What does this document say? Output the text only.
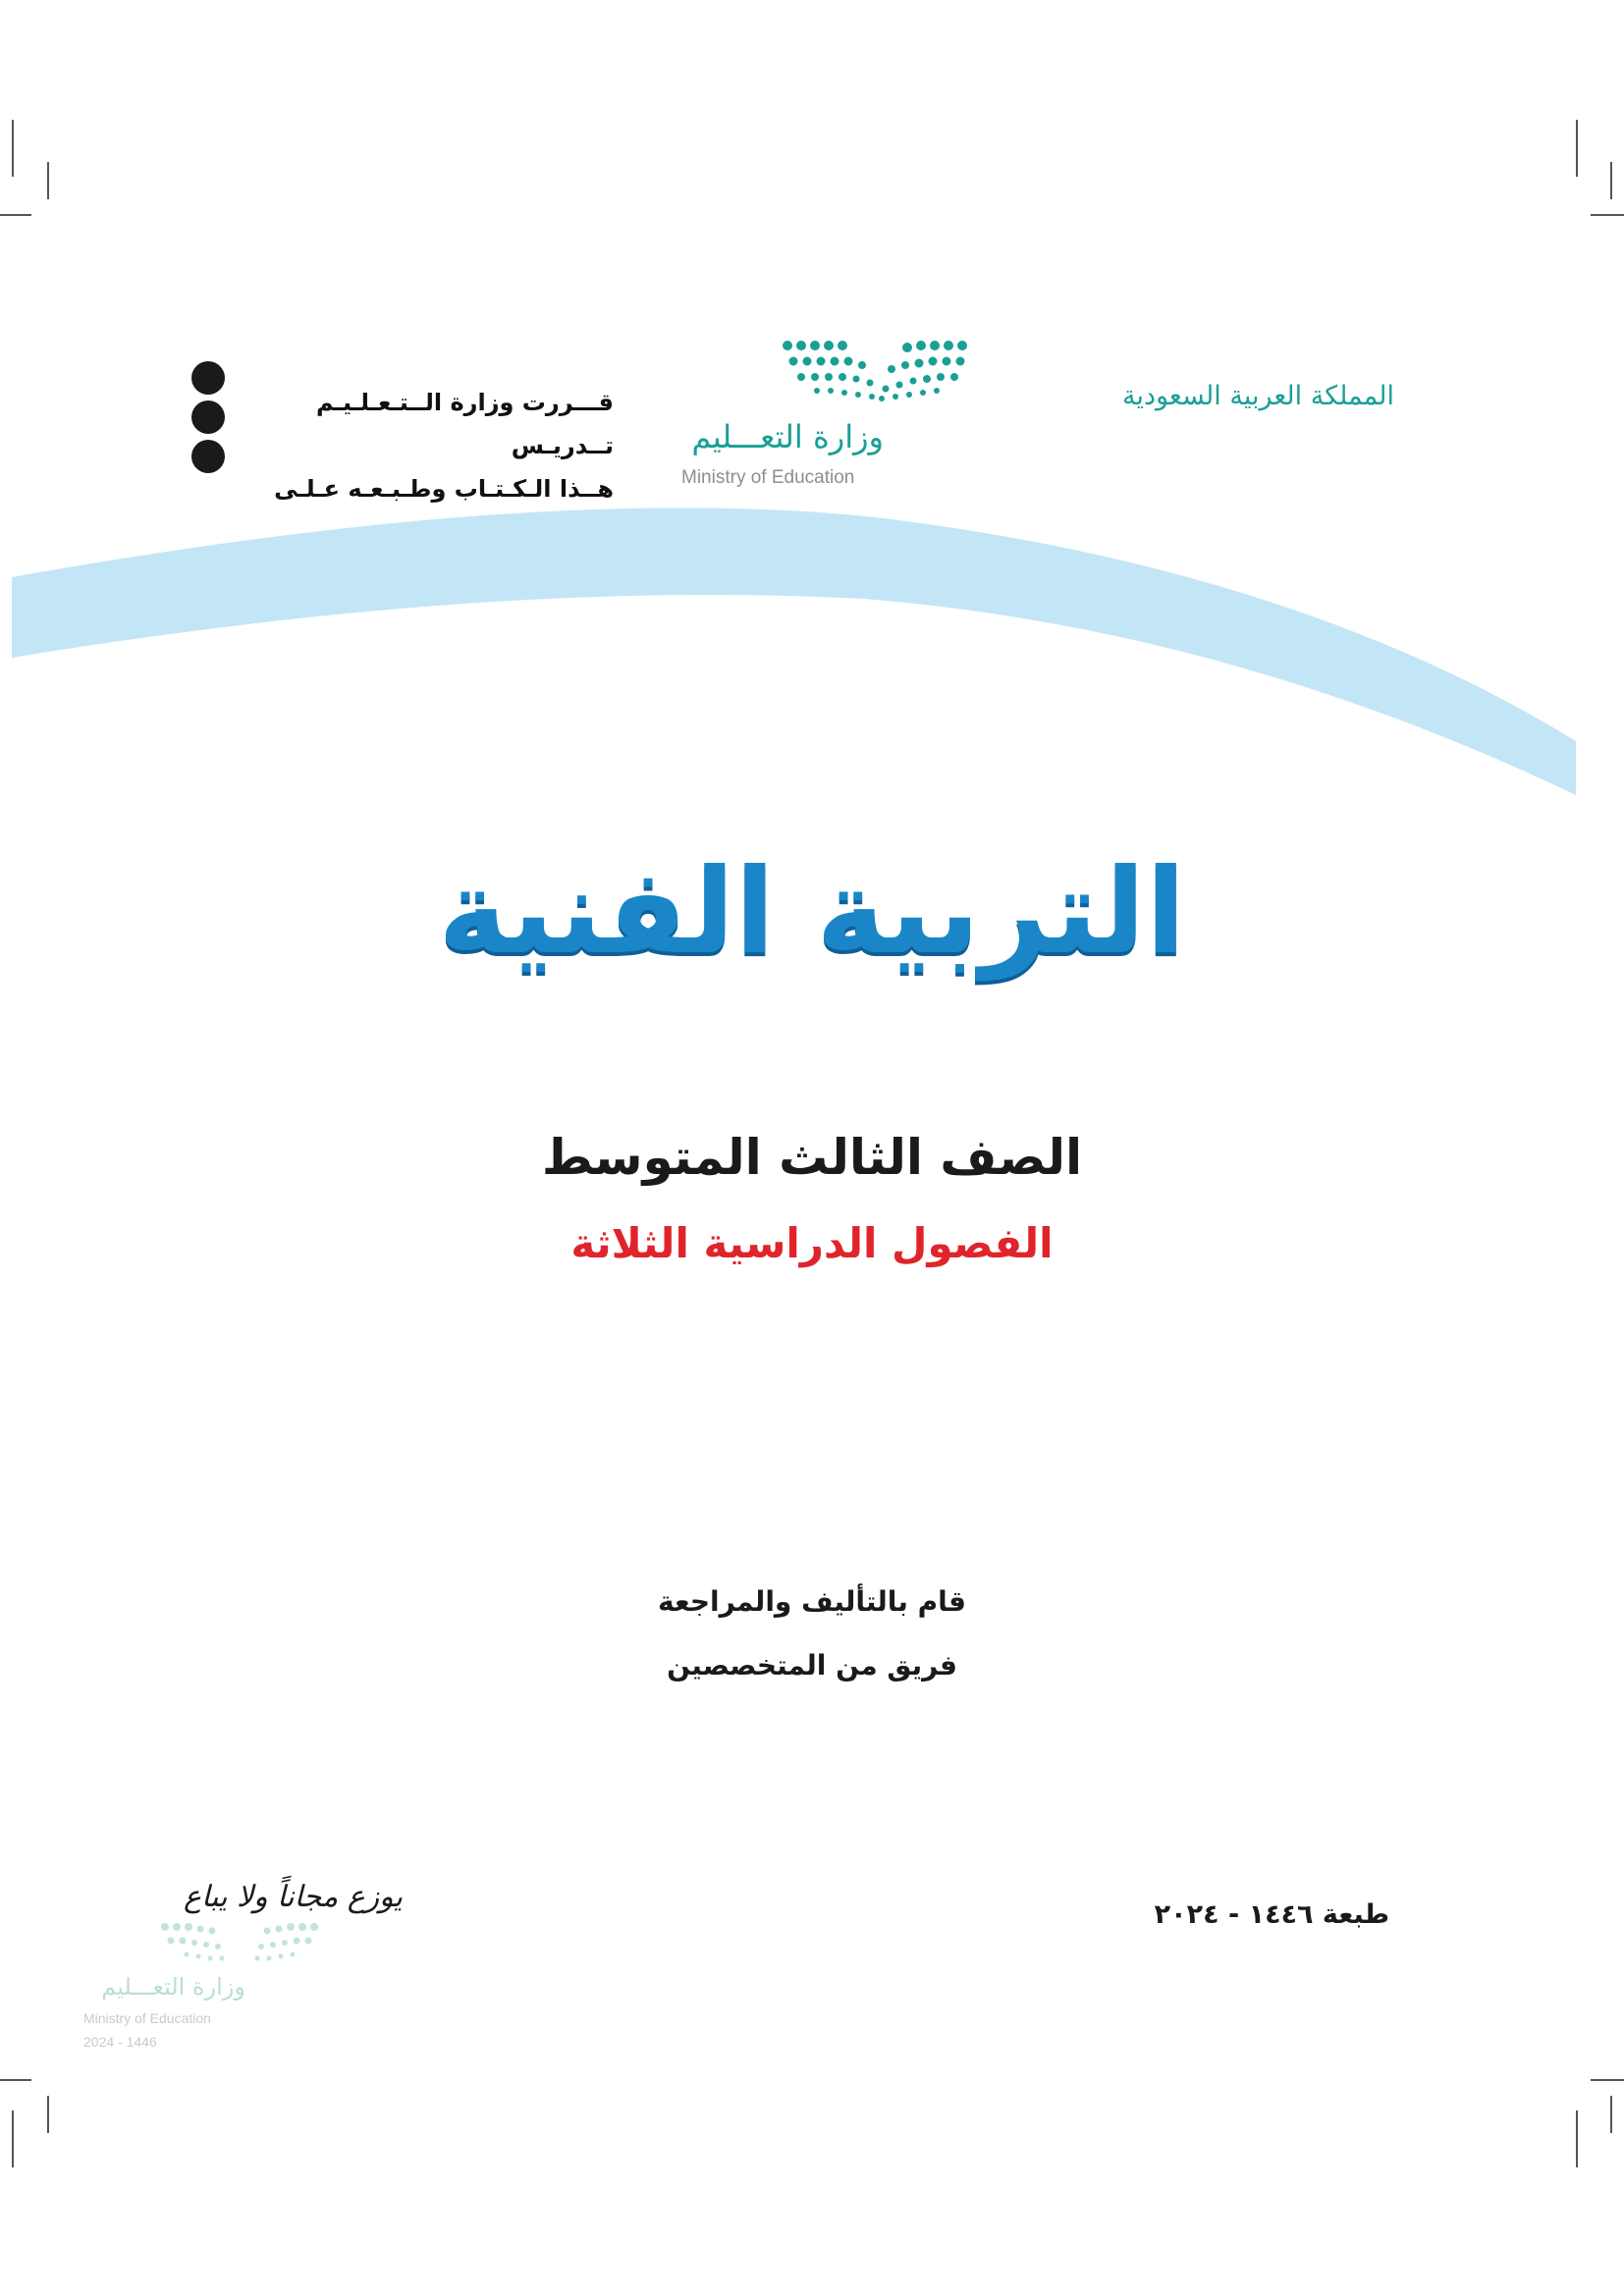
المملكة العربية السعودية
وزارة التعـــليم
Ministry of Education
قـــررت وزارة الــتـعـلـيـم تــدريـس
هــذا الـكـتـاب وطـبـعـه عـلـى
التربية الفنية
الصف الثالث المتوسط
الفصول الدراسية الثلاثة
قام بالتأليف والمراجعة
فريق من المتخصصين
طبعة ١٤٤٦ - ٢٠٢٤
يوزع مجاناً ولا يباع
وزارة التعـــليم
Ministry of Education
2024 - 1446
